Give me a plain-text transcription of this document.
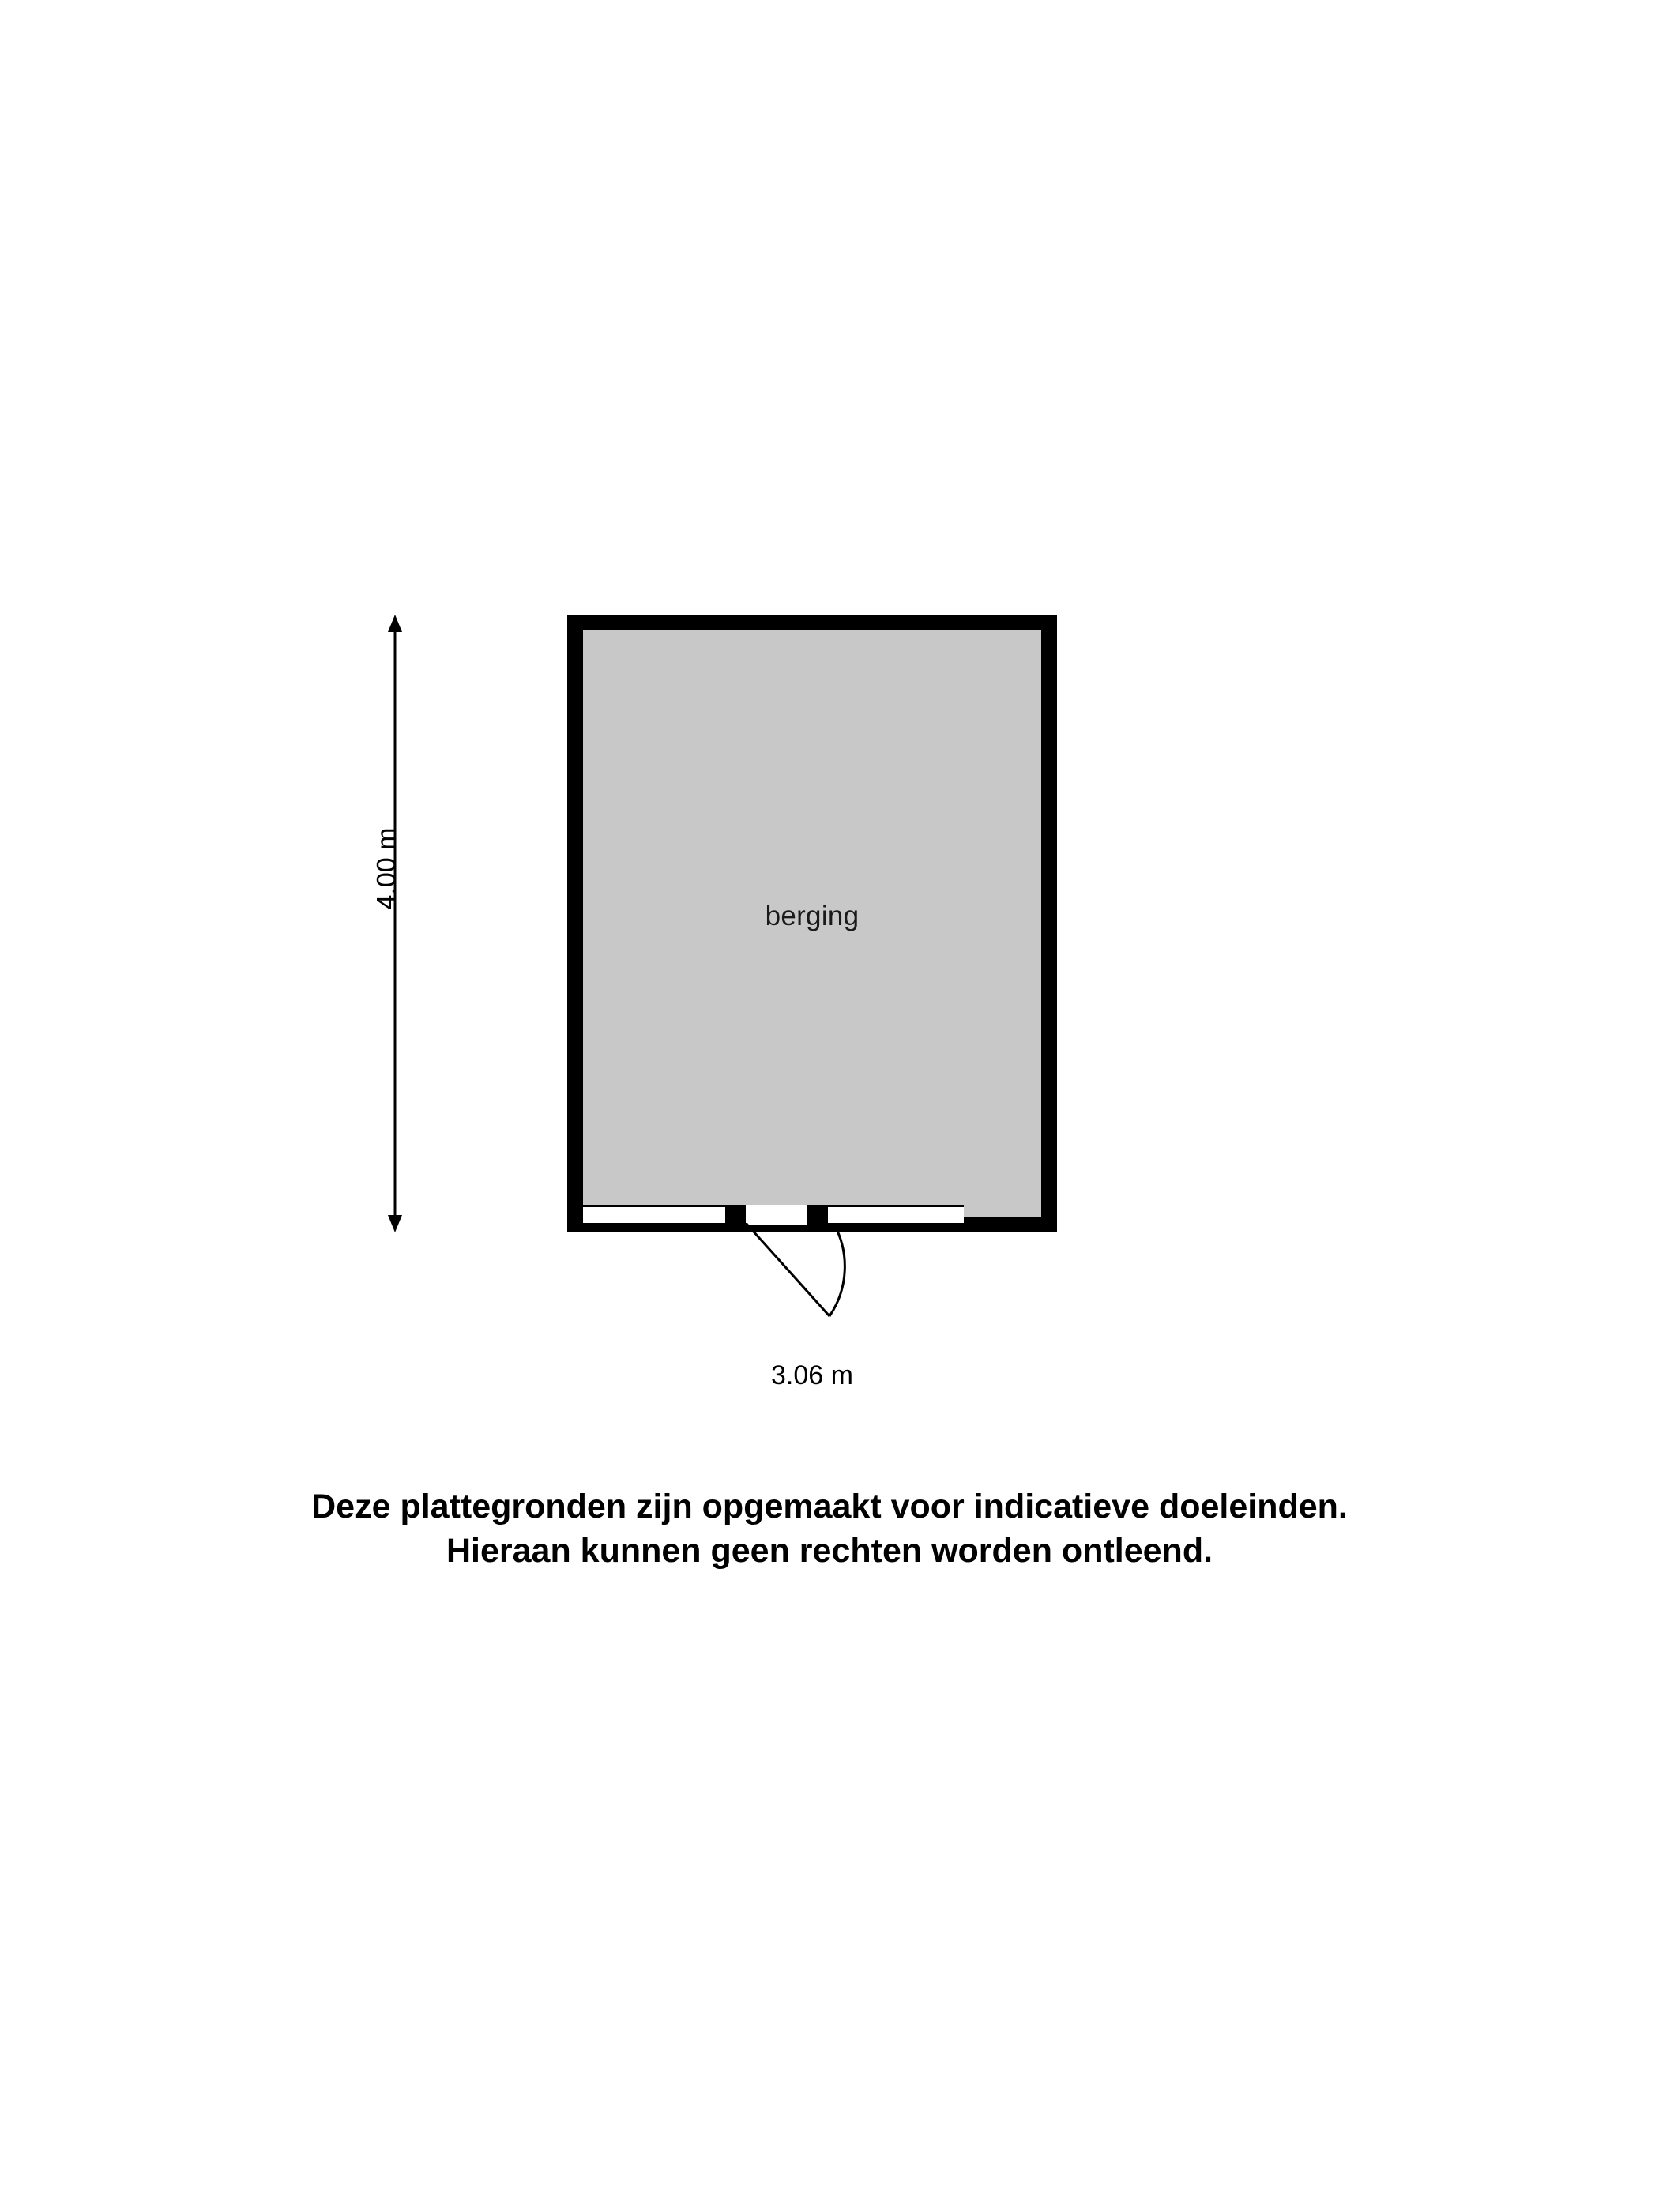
berging
4.00 m
3.06 m
Deze plattegronden zijn opgemaakt voor indicatieve doeleinden.
Hieraan kunnen geen rechten worden ontleend.
